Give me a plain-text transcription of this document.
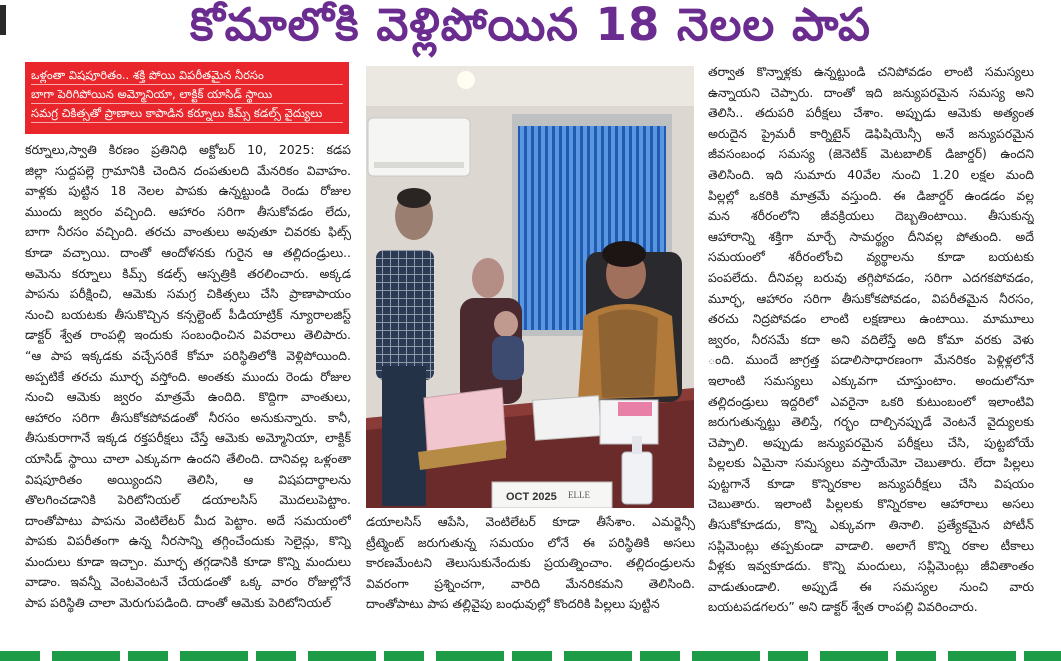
కోమాలోకి వెళ్లిపోయిన 18 నెలల పాప
ఒళ్లంతా విషపూరితం.. శక్తి పోయి విపరీతమైన నీరసం
బాగా పెరిగిపోయిన అమ్మోనియా, లాక్టిక్ యాసిడ్ స్థాయి
సమగ్ర చికిత్సతో ప్రాణాలు కాపాడిన కర్నూలు కిమ్స్ కడల్స్ వైద్యులు
కర్నూలు,స్వాతి కిరణం ప్రతినిధి అక్టోబర్ 10, 2025: కడప
జిల్లా సుద్దపల్లె గ్రామానికి చెందిన దంపతులది మేనరికం వివాహం.
వాళ్లకు పుట్టిన 18 నెలల పాపకు ఉన్నట్టుండి రెండు రోజుల
ముందు జ్వరం వచ్చింది. ఆహారం సరిగా తీసుకోవడం లేదు,
బాగా నీరసం వచ్చింది. తరచు వాంతులు అవుతూ చివరకు ఫిట్స్
కూడా వచ్చాయి. దాంతో ఆందోళనకు గురైన ఆ తల్లిదండ్రులు..
అమెను కర్నూలు కిమ్స్ కడల్స్ ఆస్పత్రికి తరలించారు. అక్కడ
పాపను పరీక్షించి, ఆమెకు సమగ్ర చికిత్సలు చేసి ప్రాణాపాయం
నుంచి బయటకు తీసుకొచ్చిన కన్సల్టెంట్ పీడియాట్రిక్ న్యూరాలజిస్ట్
డాక్టర్ శ్వేత రాంపల్లి ఇందుకు సంబంధించిన వివరాలు తెలిపారు.
“ఆ పాప ఇక్కడకు వచ్చేసరికే కోమా పరిస్థితిలోకి వెళ్లిపోయింది.
అప్పటికే తరచు మూర్ఛ వస్తోంది. అంతకు ముందు రెండు రోజుల
నుంచి ఆమెకు జ్వరం మాత్రమే ఉందిది. కొద్దిగా వాంతులు,
ఆహారం సరిగా తీసుకోకపోవడంతో నీరసం అనుకున్నారు. కానీ,
తీసుకురాగానే ఇక్కడ రక్తపరీక్షలు చేస్తే ఆమెకు అమ్మోనియా, లాక్టిక్
యాసిడ్ స్థాయి చాలా ఎక్కువగా ఉందని తేలింది. దానివల్ల ఒళ్లంతా
విషపూరితం అయ్యిందని తెలిసి, ఆ విషపదార్థాలను
తొలగించడానికి పెరిటోనియల్ డయాలసిస్ మొదలుపెట్టాం.
దాంతోపాటు పాపను వెంటిలేటర్ మీద పెట్టాం. అదే సమయంలో
పాపకు విపరీతంగా ఉన్న నీరసాన్ని తగ్గించేందుకు సెలైన్లు, కొన్ని
మందులు కూడా ఇచ్చాం. మూర్ఛ తగ్గడానికి కూడా కొన్ని మందులు
వాడాం. ఇవన్నీ వెంటవెంటనే చేయడంతో ఒక్క వారం రోజుల్లోనే
పాప పరిస్థితి చాలా మెరుగుపడింది. దాంతో ఆమెకు పెరిటోనియల్
OCT 2025 ELLE
డయాలసిస్ ఆపేసి, వెంటిలేటర్ కూడా తీసేశాం. ఎమర్జెన్సీ
ట్రీట్మెంట్ జరుగుతున్న సమయం లోనే ఈ పరిస్థితికి అసలు
కారణమేంటని తెలుసుకునేందుకు ప్రయత్నించాం. తల్లిదండ్రులను
వివరంగా ప్రశ్నించగా, వారిది మేనరికమని తెలిసింది.
దాంతోపాటు పాప తల్లివైపు బంధువుల్లో కొందరికి పిల్లలు పుట్టిన
తర్వాత కొన్నాళ్లకు ఉన్నట్టుండి చనిపోవడం లాంటి సమస్యలు
ఉన్నాయని చెప్పారు. దాంతో ఇది జన్యుపరమైన సమస్య అని
తెలిసి.. తదుపరి పరీక్షలు చేశాం. అప్పుడు ఆమెకు అత్యంత
అరుదైన ప్రైమరీ కార్నిటైన్ డెఫిషియెన్సీ అనే జన్యుపరమైన
జీవసంబంధ సమస్య (జెనెటిక్ మెటబాలిక్ డిజార్డర్) ఉందని
తెలిసింది. ఇది సుమారు 40వేల నుంచి 1.20 లక్షల మంది
పిల్లల్లో ఒకరికి మాత్రమే వస్తుంది. ఈ డిజార్డర్ ఉండడం వల్ల
మన శరీరంలోని జీవక్రియలు దెబ్బతింటాయి. తీసుకున్న
ఆహారాన్ని శక్తిగా మార్చే సామర్థ్యం దీనివల్ల పోతుంది. అదే
సమయంలో శరీరంలోంచి వ్యర్థాలను కూడా బయటకు
పంపలేదు. దీనివల్ల బరువు తగ్గిపోవడం, సరిగా ఎదగకపోవడం,
మూర్ఛ, ఆహారం సరిగా తీసుకోకపోవడం, విపరీతమైన నీరసం,
తరచు నిద్రపోవడం లాంటి లక్షణాలు ఉంటాయి. మామూలు
జ్వరం, నీరసమే కదా అని వదిలేస్తే అది కోమా వరకు వెళు
ంది. ముందే జాగ్రత్త పడాలిసాధారణంగా మేనరికం పెళ్లిళ్లలోనే
ఇలాంటి సమస్యలు ఎక్కువగా చూస్తుంటాం. అందులోనూ
తల్లిదండ్రులు ఇద్దరిలో ఎవరైనా ఒకరి కుటుంబంలో ఇలాంటివి
జరుగుతున్నట్టు తెలిస్తే, గర్భం దాల్చినప్పుడే వెంటనే వైద్యులకు
చెప్పాలి. అప్పుడు జన్యుపరమైన పరీక్షలు చేసి, పుట్టబోయే
పిల్లలకు ఏమైనా సమస్యలు వస్తాయేమో చెబుతారు. లేదా పిల్లలు
పుట్టగానే కూడా కొన్నిరకాల జన్యుపరీక్షలు చేసి విషయం
చెబుతారు. ఇలాంటి పిల్లలకు కొన్నిరకాల ఆహారాలు అసలు
తీసుకోకూడదు, కొన్ని ఎక్కువగా తినాలి. ప్రత్యేకమైన పోటీన్
సప్లిమెంట్లు తప్పకుండా వాడాలి. అలాగే కొన్ని రకాల టీకాలు
వీళ్లకు ఇవ్వకూడదు. కొన్ని మందులు, సప్లిమెంట్లు జీవితాంతం
వాడుతుండాలి. అప్పుడే ఈ సమస్యల నుంచి వారు
బయటపడగలరు” అని డాక్టర్ శ్వేత రాంపల్లి వివరించారు.
